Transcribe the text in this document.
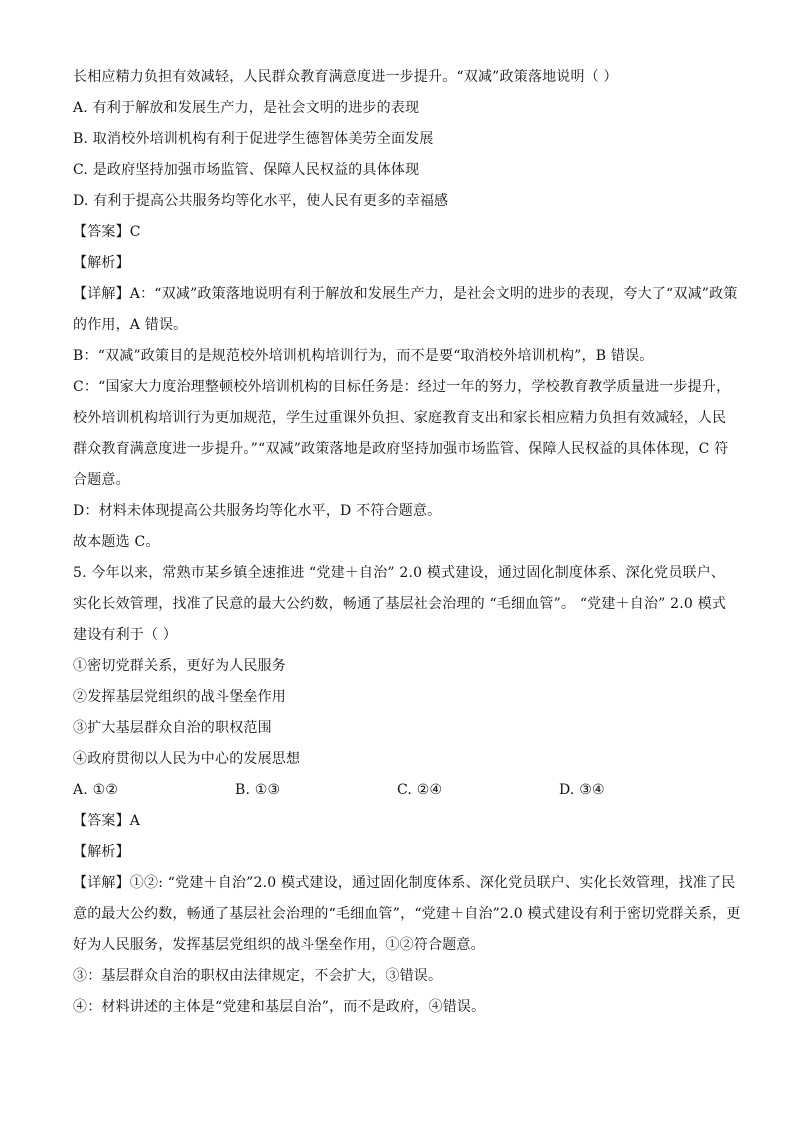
长相应精力负担有效减轻，人民群众教育满意度进一步提升。“双减”政策落地说明（ ）
A. 有利于解放和发展生产力，是社会文明的进步的表现
B. 取消校外培训机构有利于促进学生德智体美劳全面发展
C. 是政府坚持加强市场监管、保障人民权益的具体体现
D. 有利于提高公共服务均等化水平，使人民有更多的幸福感
【答案】C
【解析】
【详解】A：“双减”政策落地说明有利于解放和发展生产力，是社会文明的进步的表现，夸大了“双减”政策
的作用，A 错误。
B：“双减”政策目的是规范校外培训机构培训行为，而不是要“取消校外培训机构”，B 错误。
C：“国家大力度治理整顿校外培训机构的目标任务是：经过一年的努力，学校教育教学质量进一步提升，
校外培训机构培训行为更加规范，学生过重课外负担、家庭教育支出和家长相应精力负担有效减轻，人民
群众教育满意度进一步提升。”“双减”政策落地是政府坚持加强市场监管、保障人民权益的具体体现，C 符
合题意。
D：材料未体现提高公共服务均等化水平，D 不符合题意。
故本题选 C。
5. 今年以来，常熟市某乡镇全速推进 “党建＋自治” 2.0 模式建设，通过固化制度体系、深化党员联户、
实化长效管理，找准了民意的最大公约数，畅通了基层社会治理的 “毛细血管”。 “党建＋自治” 2.0 模式
建设有利于（ ）
①密切党群关系，更好为人民服务
②发挥基层党组织的战斗堡垒作用
③扩大基层群众自治的职权范围
④政府贯彻以人民为中心的发展思想
A. ①②	B. ①③	C. ②④	D. ③④
【答案】A
【解析】
【详解】①②: “党建＋自治”2.0 模式建设，通过固化制度体系、深化党员联户、实化长效管理，找准了民
意的最大公约数，畅通了基层社会治理的“毛细血管”，“党建＋自治”2.0 模式建设有利于密切党群关系，更
好为人民服务，发挥基层党组织的战斗堡垒作用，①②符合题意。
③：基层群众自治的职权由法律规定，不会扩大，③错误。
④：材料讲述的主体是“党建和基层自治”，而不是政府，④错误。
